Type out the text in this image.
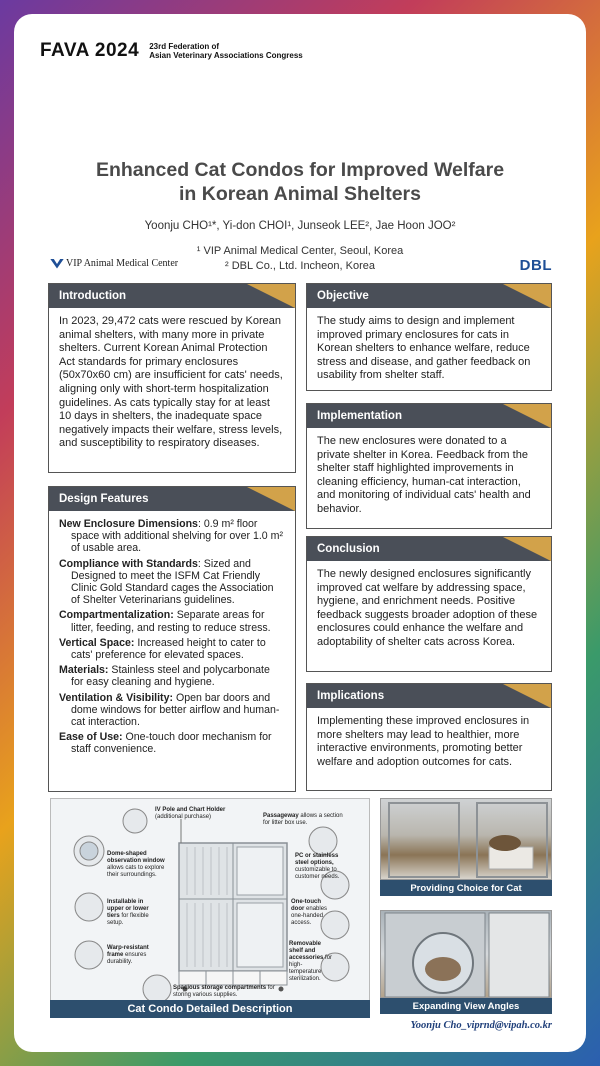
FAVA 2024 23rd Federation of
Asian Veterinary Associations Congress
Enhanced Cat Condos for Improved Welfare
in Korean Animal Shelters
Yoonju CHO¹*, Yi-don CHOI¹, Junseok LEE², Jae Hoon JOO²
¹ VIP Animal Medical Center, Seoul, Korea
² DBL Co., Ltd. Incheon, Korea
VIP Animal Medical Center	DBL
Introduction
In 2023, 29,472 cats were rescued by Korean animal shelters, with many more in private shelters. Current Korean Animal Protection Act standards for primary enclosures (50x70x60 cm) are insufficient for cats' needs, aligning only with short-term hospitalization guidelines. As cats typically stay for at least 10 days in shelters, the inadequate space negatively impacts their welfare, stress levels, and susceptibility to respiratory diseases.
Design Features
New Enclosure Dimensions: 0.9 m² floor space with additional shelving for over 1.0 m² of usable area.
Compliance with Standards: Sized and Designed to meet the ISFM Cat Friendly Clinic Gold Standard cages the Association of Shelter Veterinarians guidelines.
Compartmentalization: Separate areas for litter, feeding, and resting to reduce stress.
Vertical Space: Increased height to cater to cats' preference for elevated spaces.
Materials: Stainless steel and polycarbonate for easy cleaning and hygiene.
Ventilation & Visibility: Open bar doors and dome windows for better airflow and human-cat interaction.
Ease of Use: One-touch door mechanism for staff convenience.
Objective
The study aims to design and implement improved primary enclosures for cats in Korean shelters to enhance welfare, reduce stress and disease, and gather feedback on usability from shelter staff.
Implementation
The new enclosures were donated to a private shelter in Korea. Feedback from the shelter staff highlighted improvements in cleaning efficiency, human-cat interaction, and monitoring of individual cats' health and behavior.
Conclusion
The newly designed enclosures significantly improved cat welfare by addressing space, hygiene, and enrichment needs. Positive feedback suggests broader adoption of these enclosures could enhance the welfare and adoptability of shelter cats across Korea.
Implications
Implementing these improved enclosures in more shelters may lead to healthier, more interactive environments, promoting better welfare and adoption outcomes for cats.
IV Pole and Chart Holder
(additional purchase)	Passageway allows a section for litter box use.
Dome-shaped observation window allows cats to explore their surroundings.
PC or stainless steel options, customizable to customer needs.
Installable in upper or lower tiers for flexible setup.
One-touch door enables one-handed access.
Warp-resistant frame ensures durability.
Removable shelf and accessories for high-temperature sterilization.
Spacious storage compartments for storing various supplies.
Cat Condo Detailed Description
Providing Choice for Cat
Expanding View Angles
Yoonju Cho_viprnd@vipah.co.kr
